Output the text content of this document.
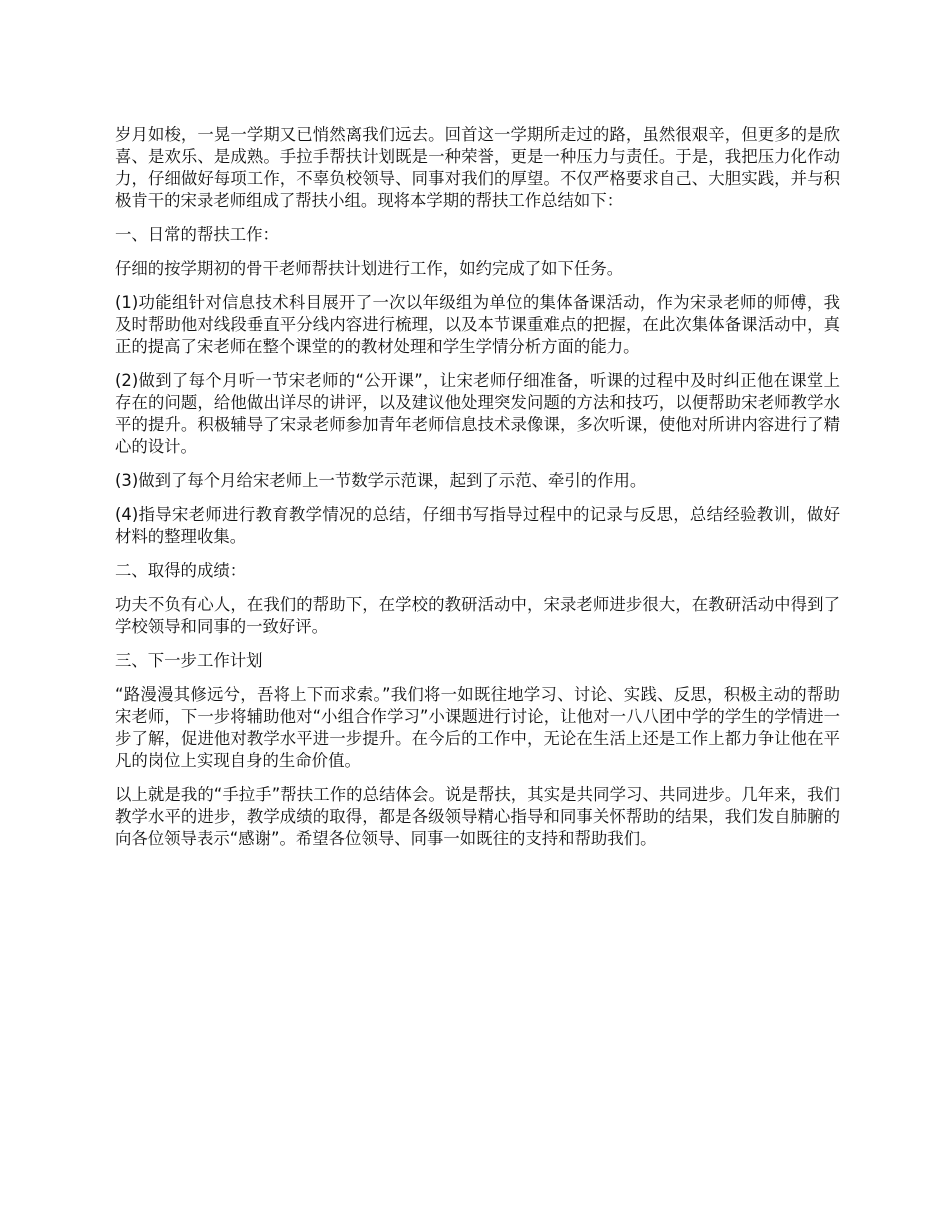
岁月如梭，一晃一学期又已悄然离我们远去。回首这一学期所走过的路，虽然很艰辛，但更多的是欣喜、是欢乐、是成熟。手拉手帮扶计划既是一种荣誉，更是一种压力与责任。于是，我把压力化作动力，仔细做好每项工作，不辜负校领导、同事对我们的厚望。不仅严格要求自己、大胆实践，并与积极肯干的宋录老师组成了帮扶小组。现将本学期的帮扶工作总结如下：

一、日常的帮扶工作：

仔细的按学期初的骨干老师帮扶计划进行工作，如约完成了如下任务。

(1)功能组针对信息技术科目展开了一次以年级组为单位的集体备课活动，作为宋录老师的师傅，我及时帮助他对线段垂直平分线内容进行梳理，以及本节课重难点的把握，在此次集体备课活动中，真正的提高了宋老师在整个课堂的的教材处理和学生学情分析方面的能力。

(2)做到了每个月听一节宋老师的“公开课”，让宋老师仔细准备，听课的过程中及时纠正他在课堂上存在的问题，给他做出详尽的讲评，以及建议他处理突发问题的方法和技巧，以便帮助宋老师教学水平的提升。积极辅导了宋录老师参加青年老师信息技术录像课，多次听课，使他对所讲内容进行了精心的设计。

(3)做到了每个月给宋老师上一节数学示范课，起到了示范、牵引的作用。

(4)指导宋老师进行教育教学情况的总结，仔细书写指导过程中的记录与反思，总结经验教训，做好材料的整理收集。

二、取得的成绩：

功夫不负有心人，在我们的帮助下，在学校的教研活动中，宋录老师进步很大，在教研活动中得到了学校领导和同事的一致好评。

三、下一步工作计划

“路漫漫其修远兮，吾将上下而求索。”我们将一如既往地学习、讨论、实践、反思，积极主动的帮助宋老师，下一步将辅助他对“小组合作学习”小课题进行讨论，让他对一八八团中学的学生的学情进一步了解，促进他对教学水平进一步提升。在今后的工作中，无论在生活上还是工作上都力争让他在平凡的岗位上实现自身的生命价值。

以上就是我的“手拉手”帮扶工作的总结体会。说是帮扶，其实是共同学习、共同进步。几年来，我们教学水平的进步，教学成绩的取得，都是各级领导精心指导和同事关怀帮助的结果，我们发自肺腑的向各位领导表示“感谢”。希望各位领导、同事一如既往的支持和帮助我们。
